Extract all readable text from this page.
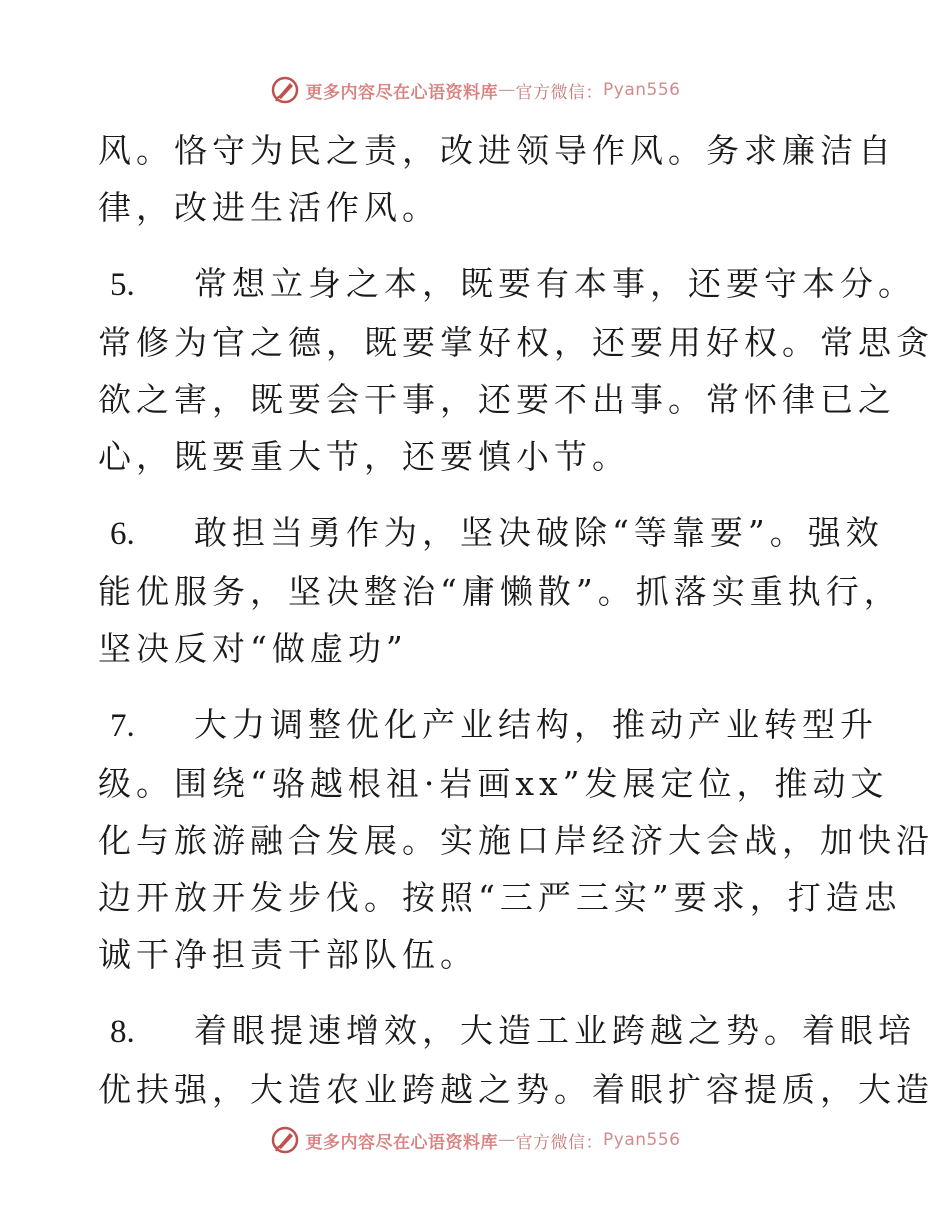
更多内容尽在心语资料库 — 官方微信： Pyan556
风。恪守为民之责，改进领导作风。务求廉洁自
律，改进生活作风。
5. 常想立身之本，既要有本事，还要守本分。
常修为官之德，既要掌好权，还要用好权。常思贪
欲之害，既要会干事，还要不出事。常怀律已之
心，既要重大节，还要慎小节。
6. 敢担当勇作为，坚决破除“等靠要”。强效
能优服务，坚决整治“庸懒散”。抓落实重执行，
坚决反对“做虚功”
7. 大力调整优化产业结构，推动产业转型升
级。围绕“骆越根祖·岩画xx”发展定位，推动文
化与旅游融合发展。实施口岸经济大会战，加快沿
边开放开发步伐。按照“三严三实”要求，打造忠
诚干净担责干部队伍。
8. 着眼提速增效，大造工业跨越之势。着眼培
优扶强，大造农业跨越之势。着眼扩容提质，大造
更多内容尽在心语资料库 — 官方微信： Pyan556
